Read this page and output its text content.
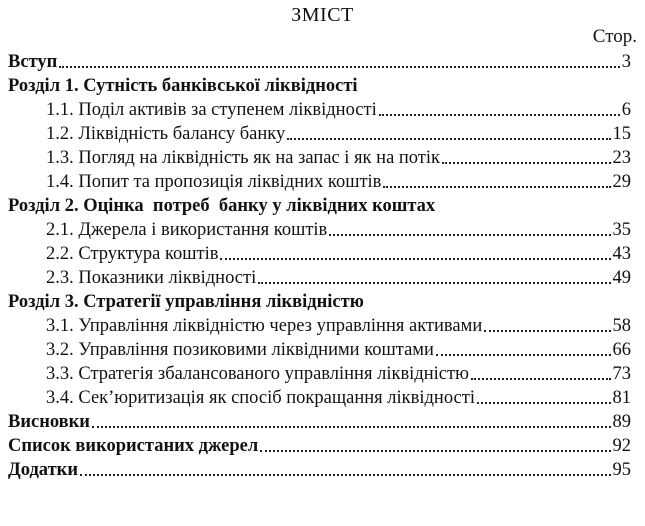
ЗМІСТ
Стор.
Вступ	3
Розділ 1. Сутність банківської ліквідності
1.1. Поділ активів за ступенем ліквідності	6
1.2. Ліквідність балансу банку	15
1.3. Погляд на ліквідність як на запас і як на потік	23
1.4. Попит та пропозиція ліквідних коштів	29
Розділ 2. Оцінка  потреб  банку у ліквідних коштах
2.1. Джерела і використання коштів	35
2.2. Структура коштів	43
2.3. Показники ліквідності	49
Розділ 3. Стратегії управління ліквідністю
3.1. Управління ліквідністю через управління активами	58
3.2. Управління позиковими ліквідними коштами	66
3.3. Стратегія збалансованого управління ліквідністю	73
3.4. Сек’юритизація як спосіб покращання ліквідності	81
Висновки	89
Список використаних джерел	92
Додатки	95
